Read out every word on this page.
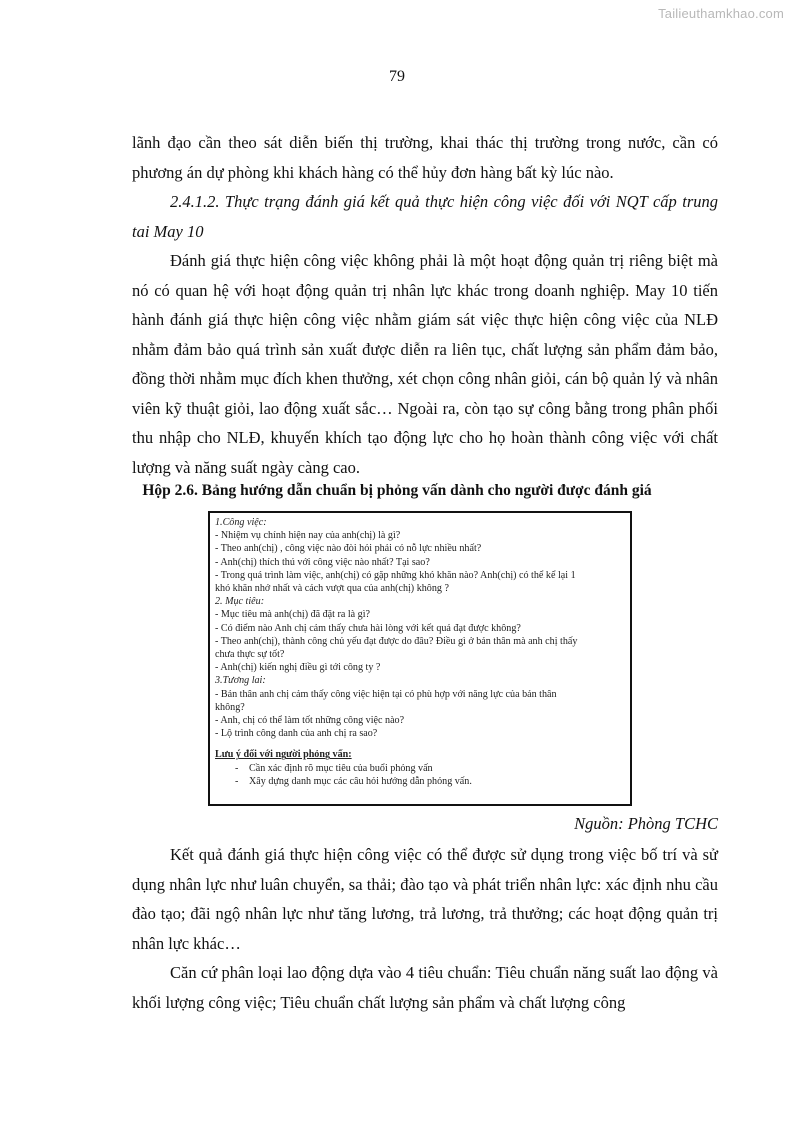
Tailieuthamkhao.com
79

lãnh đạo cần theo sát diễn biến thị trường, khai thác thị trường trong nước, cần có phương án dự phòng khi khách hàng có thể hủy đơn hàng bất kỳ lúc nào.

2.4.1.2. Thực trạng đánh giá kết quả thực hiện công việc đối với NQT cấp trung tai May 10

Đánh giá thực hiện công việc không phải là một hoạt động quản trị riêng biệt mà nó có quan hệ với hoạt động quản trị nhân lực khác trong doanh nghiệp. May 10 tiến hành đánh giá thực hiện công việc nhằm giám sát việc thực hiện công việc của NLĐ nhằm đảm bảo quá trình sản xuất được diễn ra liên tục, chất lượng sản phẩm đảm bảo, đồng thời nhằm mục đích khen thưởng, xét chọn công nhân giỏi, cán bộ quản lý và nhân viên kỹ thuật giỏi, lao động xuất sắc… Ngoài ra, còn tạo sự công bằng trong phân phối thu nhập cho NLĐ, khuyến khích tạo động lực cho họ hoàn thành công việc với chất lượng và năng suất ngày càng cao.

Hộp 2.6. Bảng hướng dẫn chuẩn bị phỏng vấn dành cho người được đánh giá

1.Công việc:

- Nhiệm vụ chính hiện nay của anh(chị) là gì?

- Theo anh(chị) , công việc nào đòi hỏi phải có nỗ lực nhiều nhất?

- Anh(chị) thích thú với công việc nào nhất? Tại sao?

- Trong quá trình làm việc, anh(chị) có gặp những khó khăn nào? Anh(chị) có thể kể lại 1

khó khăn nhớ nhất và cách vượt qua của anh(chị) không ?

2. Mục tiêu:

- Mục tiêu mà anh(chị) đã đặt ra là gì?

- Có điểm nào Anh chị cảm thấy chưa hài lòng với kết quả đạt được không?

- Theo anh(chị), thành công chủ yếu đạt được do đâu? Điều gì ở bản thân mà anh chị thấy

chưa thực sự tốt?

- Anh(chị) kiến nghị điều gì tới công ty ?

3.Tương lai:

- Bản thân anh chị cảm thấy công việc hiện tại có phù hợp với năng lực của bản thân

không?

- Anh, chị có thể làm tốt những công việc nào?

- Lộ trình công danh của anh chị ra sao?

Lưu ý đối với người phỏng vấn:

- Cần xác định rõ mục tiêu của buổi phỏng vấn

- Xây dựng danh mục các câu hỏi hướng dẫn phỏng vấn.

Nguồn: Phòng TCHC

Kết quả đánh giá thực hiện công việc có thể được sử dụng trong việc bố trí và sử dụng nhân lực như luân chuyển, sa thải; đào tạo và phát triển nhân lực: xác định nhu cầu đào tạo; đãi ngộ nhân lực như tăng lương, trả lương, trả thưởng; các hoạt động quản trị nhân lực khác…

Căn cứ phân loại lao động dựa vào 4 tiêu chuẩn: Tiêu chuẩn năng suất lao động và khối lượng công việc; Tiêu chuẩn chất lượng sản phẩm và chất lượng công
